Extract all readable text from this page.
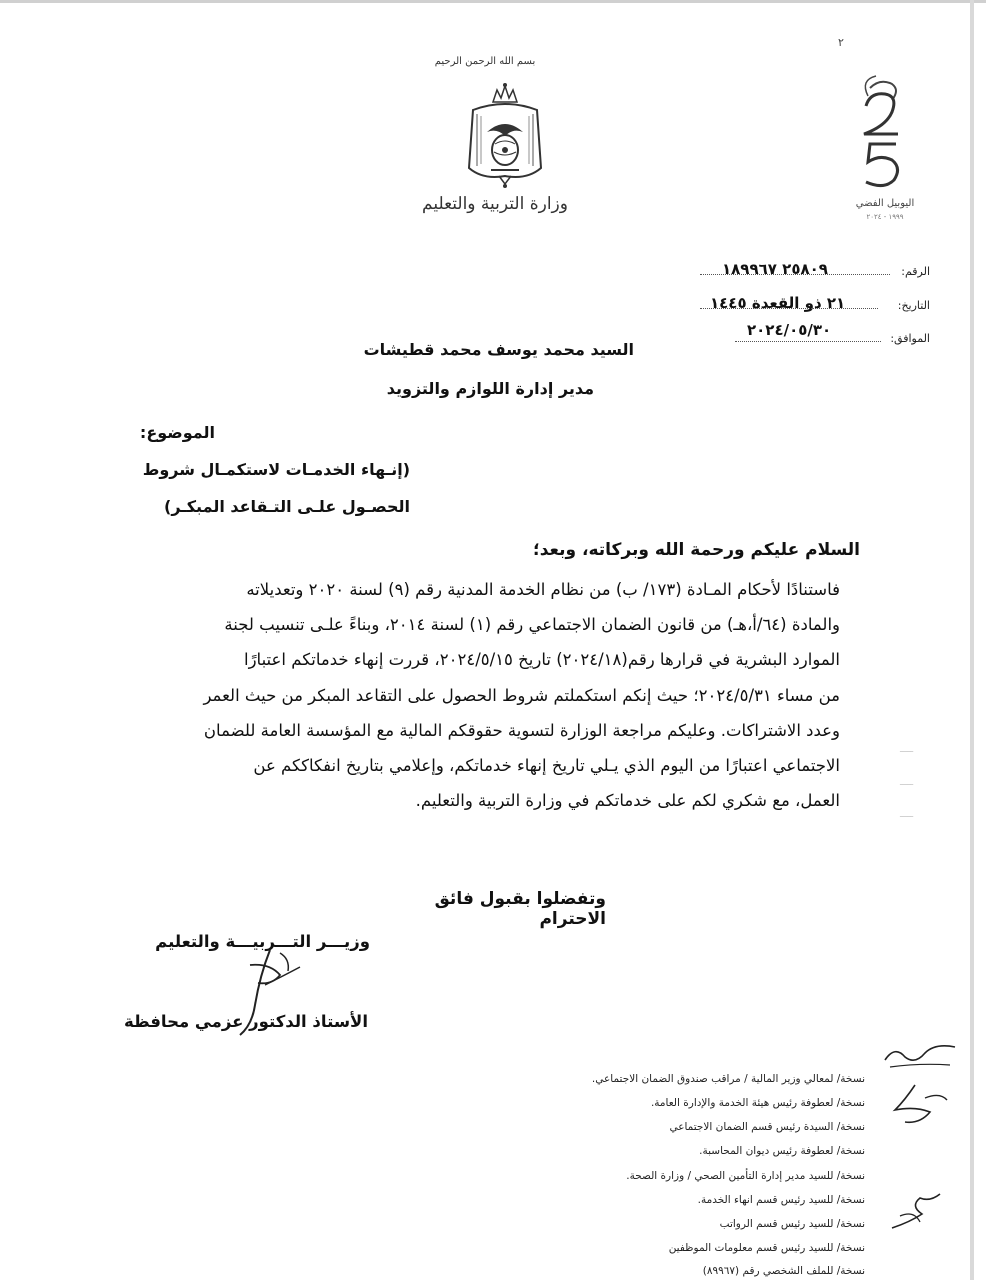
بسم الله الرحمن الرحيم
وزارة التربية والتعليم
٢
اليوبيل الفضي
١٩٩٩ - ٢٠٢٤
الرقم:
٢٥٨٠٩ ١٨٩٩٦٧
التاريخ:
٢١ ذو القعدة ١٤٤٥
الموافق:
٢٠٢٤/٠٥/٣٠
السيد محمد يوسف محمد قطيشات
مدير إدارة اللوازم والتزويد
الموضوع:
(إنـهاء الخدمـات لاستكمـال شروط
الحصـول علـى التـقاعد المبكـر)
السلام عليكم ورحمة الله وبركاته، وبعد؛
فاستنادًا لأحكام المـادة (١٧٣/ ب) من نظام الخدمة المدنية رقم (٩) لسنة ٢٠٢٠ وتعديلاته
والمادة (٦٤/أ،هـ) من قانون الضمان الاجتماعي رقم (١) لسنة ٢٠١٤، وبناءً علـى تنسيب لجنة
الموارد البشرية في قرارها رقم(٢٠٢٤/١٨) تاريخ ٢٠٢٤/٥/١٥، قررت إنهاء خدماتكم اعتبارًا
من مساء ٢٠٢٤/٥/٣١؛ حيث إنكم استكملتم شروط الحصول على التقاعد المبكر من حيث العمر
وعدد الاشتراكات. وعليكم مراجعة الوزارة لتسوية حقوقكم المالية مع المؤسسة العامة للضمان
الاجتماعي اعتبارًا من اليوم الذي يـلي تاريخ إنهاء خدماتكم، وإعلامي بتاريخ انفكاككم عن
العمل، مع شكري لكم على خدماتكم في وزارة التربية والتعليم.
ـــــ
ـــــ
ـــــ
وتفضلوا بقبول فائق الاحترام
وزيـــر التـــربيـــة والتعليم
الأستاذ الدكتور عزمي محافظة
نسخة/ لمعالي وزير المالية / مراقب صندوق الضمان الاجتماعي.
نسخة/ لعطوفة رئيس هيئة الخدمة والإدارة العامة.
نسخة/ السيدة رئيس قسم الضمان الاجتماعي
نسخة/ لعطوفة رئيس ديوان المحاسبة.
نسخة/ للسيد مدير إدارة التأمين الصحي / وزارة الصحة.
نسخة/ للسيد رئيس قسم انهاء الخدمة.
نسخة/ للسيد رئيس قسم الرواتب
نسخة/ للسيد رئيس قسم معلومات الموظفين
نسخة/ للملف الشخصي رقم (٨٩٩٦٧)
